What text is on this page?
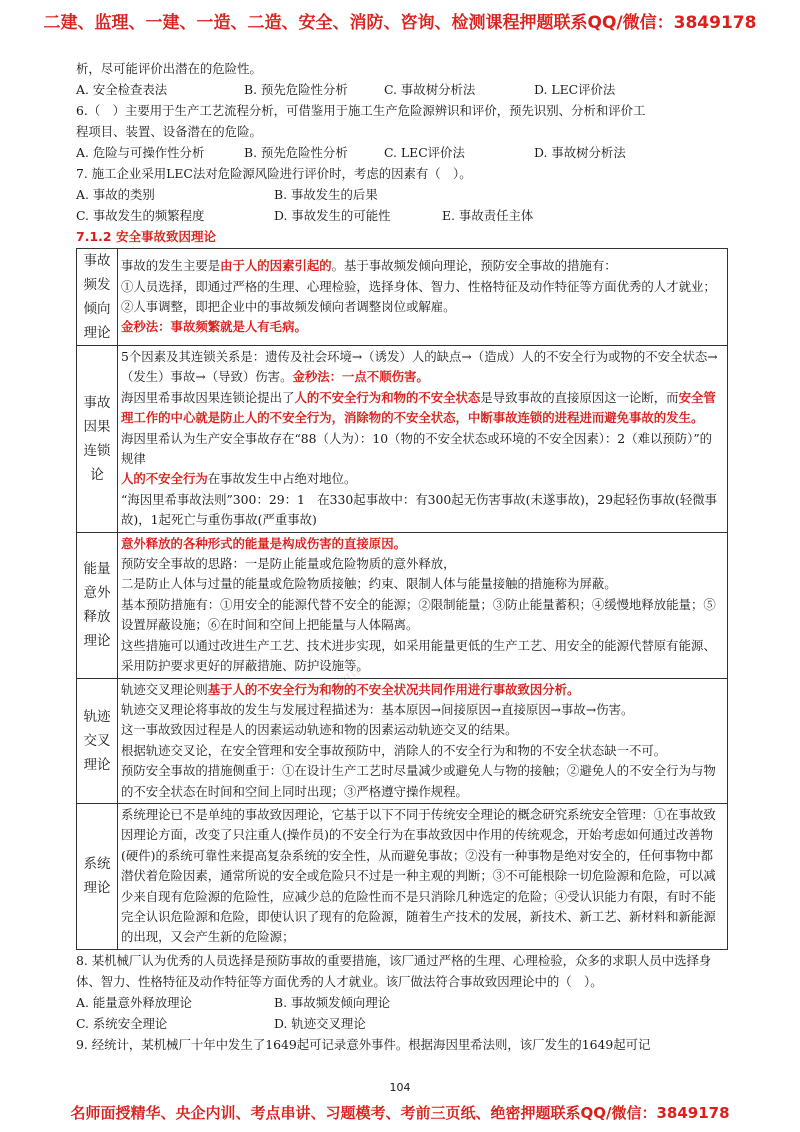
二建、监理、一建、一造、二造、安全、消防、咨询、检测课程押题联系QQ/微信：3849178
析，尽可能评价出潜在的危险性。
A. 安全检查表法	B. 预先危险性分析	C. 事故树分析法	D. LEC评价法
6.（　）主要用于生产工艺流程分析，可借鉴用于施工生产危险源辨识和评价，预先识别、分析和评价工
程项目、装置、设备潜在的危险。
A. 危险与可操作性分析	B. 预先危险性分析	C. LEC评价法	D. 事故树分析法
7. 施工企业采用LEC法对危险源风险进行评价时，考虑的因素有（　）。
A. 事故的类别	B. 事故发生的后果
C. 事故发生的频繁程度	D. 事故发生的可能性	E. 事故责任主体
7.1.2 安全事故致因理论
事故频发倾向理论	事故的发生主要是由于人的因素引起的。基于事故频发倾向理论，预防安全事故的措施有：

①人员选择，即通过严格的生理、心理检验，选择身体、智力、性格特征及动作特征等方面优秀的人才就业；②人事调整，即把企业中的事故频发倾向者调整岗位或解雇。

金秒法：事故频繁就是人有毛病。

事故因果连锁论	5个因素及其连锁关系是：遗传及社会环境→（诱发）人的缺点→（造成）人的不安全行为或物的不安全状态→（发生）事故→（导致）伤害。金秒法：一点不顺伤害。

海因里希事故因果连锁论提出了人的不安全行为和物的不安全状态是导致事故的直接原因这一论断，而安全管理工作的中心就是防止人的不安全行为，消除物的不安全状态，中断事故连锁的进程进而避免事故的发生。

海因里希认为生产安全事故存在“88（人为）：10（物的不安全状态或环境的不安全因素）：2（难以预防）”的规律

人的不安全行为在事故发生中占绝对地位。

“海因里希事故法则”300：29：1　在330起事故中：有300起无伤害事故(未遂事故)，29起轻伤事故(轻微事故)，1起死亡与重伤事故(严重事故)

能量意外释放理论	意外释放的各种形式的能量是构成伤害的直接原因。

预防安全事故的思路：一是防止能量或危险物质的意外释放，

二是防止人体与过量的能量或危险物质接触；约束、限制人体与能量接触的措施称为屏蔽。

基本预防措施有：①用安全的能源代替不安全的能源；②限制能量；③防止能量蓄积；④缓慢地释放能量；⑤设置屏蔽设施；⑥在时间和空间上把能量与人体隔离。

这些措施可以通过改进生产工艺、技术进步实现，如采用能量更低的生产工艺、用安全的能源代替原有能源、采用防护要求更好的屏蔽措施、防护设施等。

轨迹交叉理论	轨迹交叉理论则基于人的不安全行为和物的不安全状况共同作用进行事故致因分析。

轨迹交叉理论将事故的发生与发展过程描述为：基本原因→间接原因→直接原因→事故→伤害。

这一事故致因过程是人的因素运动轨迹和物的因素运动轨迹交叉的结果。

根据轨迹交叉论，在安全管理和安全事故预防中，消除人的不安全行为和物的不安全状态缺一不可。

预防安全事故的措施侧重于：①在设计生产工艺时尽量减少或避免人与物的接触；②避免人的不安全行为与物的不安全状态在时间和空间上同时出现；③严格遵守操作规程。

系统理论	系统理论已不是单纯的事故致因理论，它基于以下不同于传统安全理论的概念研究系统安全管理：①在事故致因理论方面，改变了只注重人(操作员)的不安全行为在事故致因中作用的传统观念，开始考虑如何通过改善物(硬件)的系统可靠性来提高复杂系统的安全性，从而避免事故；②没有一种事物是绝对安全的，任何事物中都潜伏着危险因素，通常所说的安全或危险只不过是一种主观的判断；③不可能根除一切危险源和危险，可以减少来自现有危险源的危险性，应减少总的危险性而不是只消除几种选定的危险；④受认识能力有限，有时不能完全认识危险源和危险，即使认识了现有的危险源，随着生产技术的发展，新技术、新工艺、新材料和新能源的出现，又会产生新的危险源；

8. 某机械厂认为优秀的人员选择是预防事故的重要措施，该厂通过严格的生理、心理检验，众多的求职人员中选择身体、智力、性格特征及动作特征等方面优秀的人才就业。该厂做法符合事故致因理论中的（　）。
A. 能量意外释放理论	B. 事故频发倾向理论
C. 系统安全理论	D. 轨迹交叉理论
9. 经统计，某机械厂十年中发生了1649起可记录意外事件。根据海因里希法则，该厂发生的1649起可记
肥肥淘宝店 考试资料打印
104
名师面授精华、央企内训、考点串讲、习题模考、考前三页纸、绝密押题联系QQ/微信：3849178
